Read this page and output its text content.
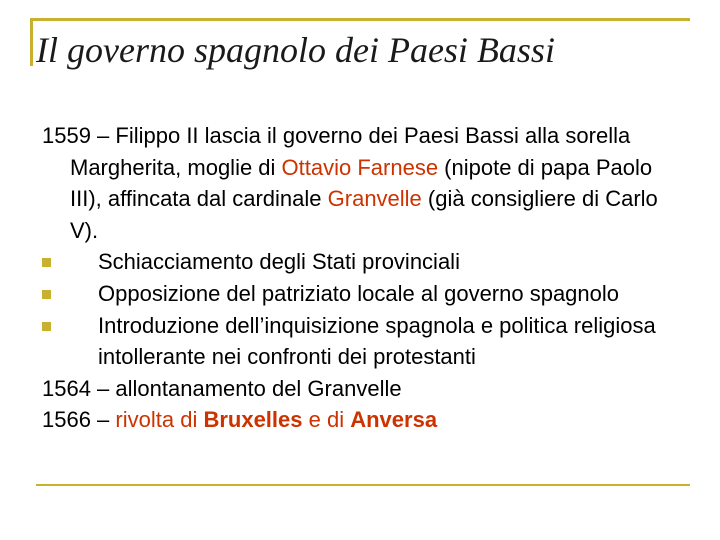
Il governo spagnolo dei Paesi Bassi
1559 – Filippo II lascia il governo dei Paesi Bassi alla sorella Margherita, moglie di Ottavio Farnese (nipote di papa Paolo III), affincata dal cardinale Granvelle (già consigliere di Carlo V).
Schiacciamento degli Stati provinciali
Opposizione del patriziato locale al governo spagnolo
Introduzione dell’inquisizione spagnola e politica religiosa intollerante nei confronti dei protestanti
1564 – allontanamento del Granvelle
1566 – rivolta di Bruxelles e di Anversa
